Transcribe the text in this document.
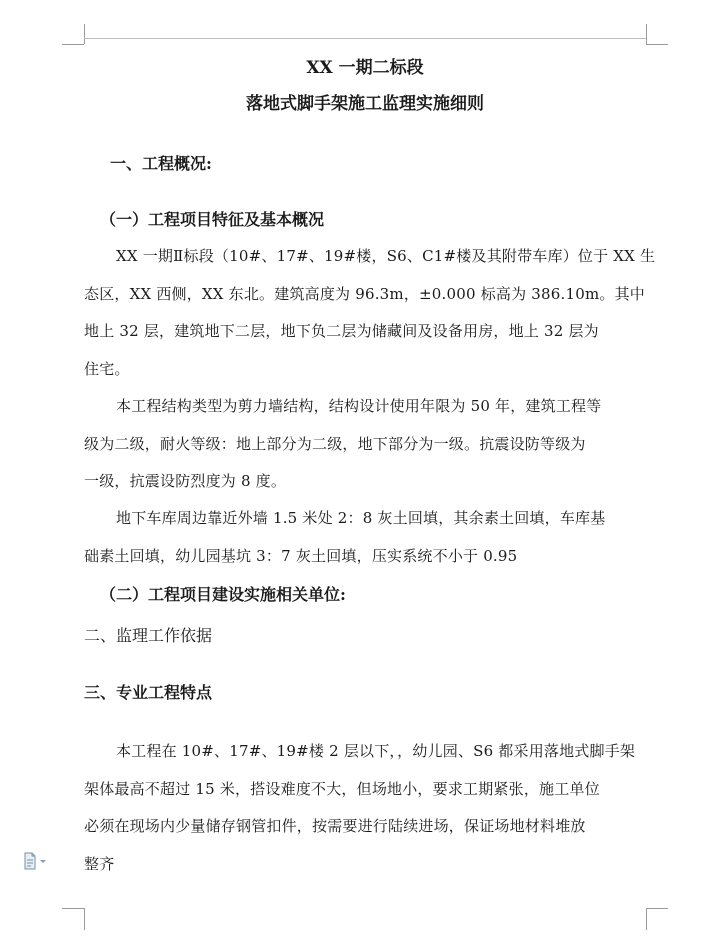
XX 一期二标段
落地式脚手架施工监理实施细则
一、工程概况:
（一）工程项目特征及基本概况
XX 一期Ⅱ标段（10#、17#、19#楼，S6、C1#楼及其附带车库）位于 XX 生
态区，XX 西侧，XX 东北。建筑高度为 96.3m，±0.000 标高为 386.10m。其中
地上 32 层，建筑地下二层，地下负二层为储藏间及设备用房，地上 32 层为
住宅。
本工程结构类型为剪力墙结构，结构设计使用年限为 50 年，建筑工程等
级为二级，耐火等级：地上部分为二级，地下部分为一级。抗震设防等级为
一级，抗震设防烈度为 8 度。
地下车库周边靠近外墙 1.5 米处 2：8 灰土回填，其余素土回填，车库基
础素土回填，幼儿园基坑 3：7 灰土回填，压实系统不小于 0.95
（二）工程项目建设实施相关单位:
二、监理工作依据
三、专业工程特点
本工程在 10#、17#、19#楼 2 层以下，，幼儿园、S6 都采用落地式脚手架
架体最高不超过 15 米，搭设难度不大，但场地小，要求工期紧张，施工单位
必须在现场内少量储存钢管扣件，按需要进行陆续进场，保证场地材料堆放
整齐
